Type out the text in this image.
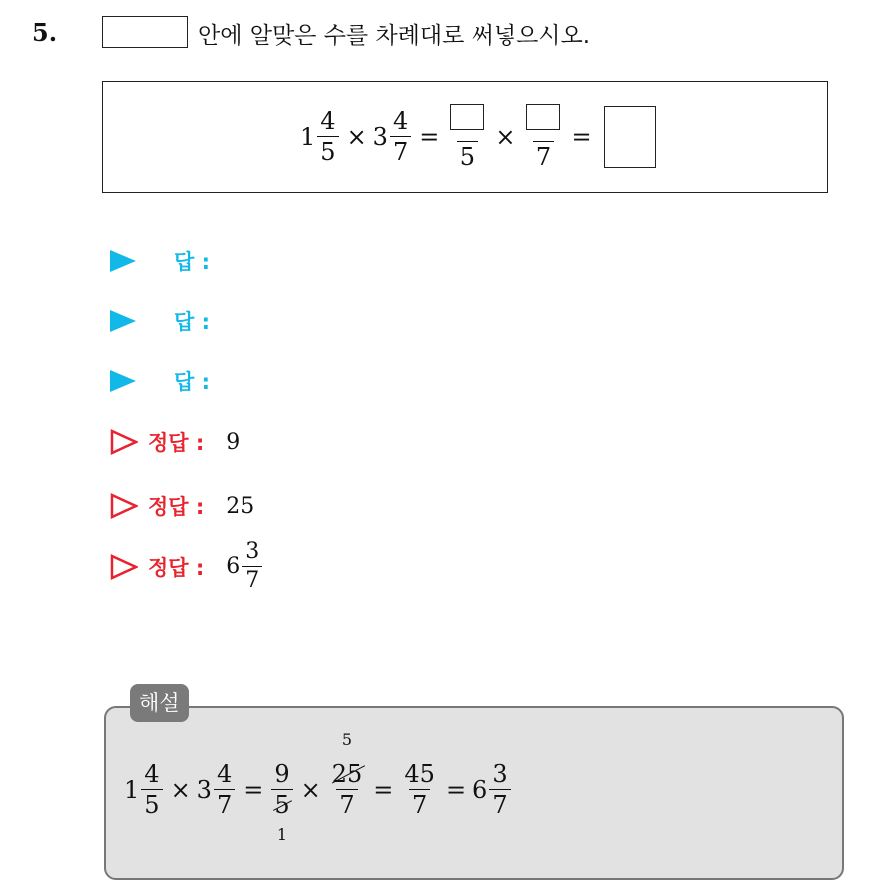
5.	안에 알맞은 수를 차례대로 써넣으시오.
$1 \frac{4}{5} \times 3 \frac{4}{7}$ =
5
×
7
=
답 :
답 :
답 :
정답 : 9
정답 : 25
정답 : $6 \frac{3}{7}$
해설
$1 \frac{4}{5} \times 3 \frac{4}{7} = 9$
5
1 × 25
5
$7 = \frac{45}{7} = 6 \frac{3}{7}$
